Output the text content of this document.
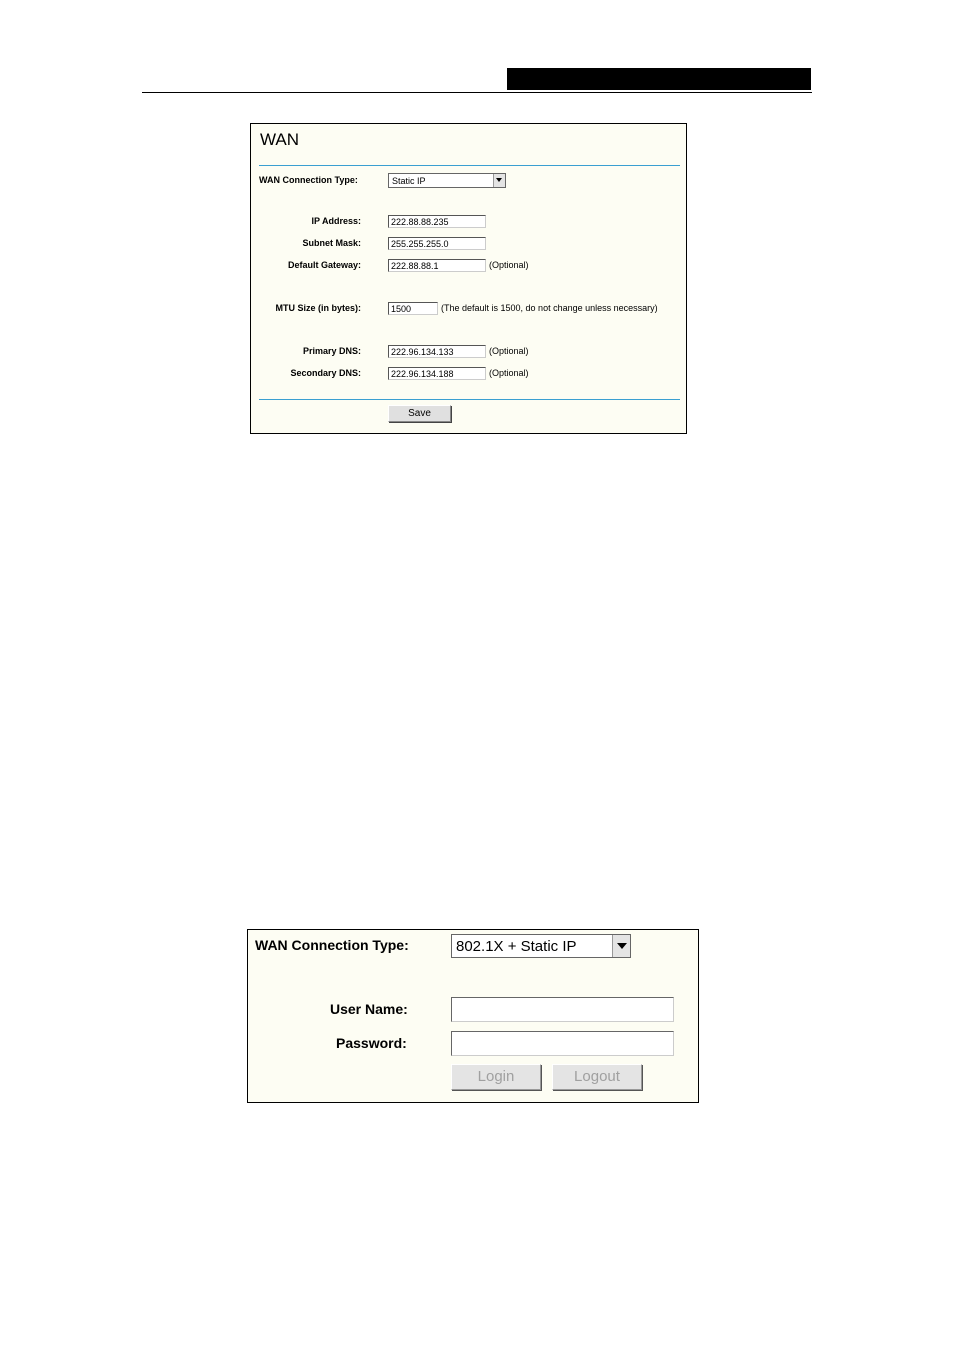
WAN
WAN Connection Type:	Static IP
IP Address:	222.88.88.235
Subnet Mask:	255.255.255.0
Default Gateway:	222.88.88.1	(Optional)
MTU Size (in bytes):	1500	(The default is 1500, do not change unless necessary)
Primary DNS:	222.96.134.133	(Optional)
Secondary DNS:	222.96.134.188	(Optional)
Save
WAN Connection Type:	802.1X + Static IP
User Name:
Password:
Login	Logout
